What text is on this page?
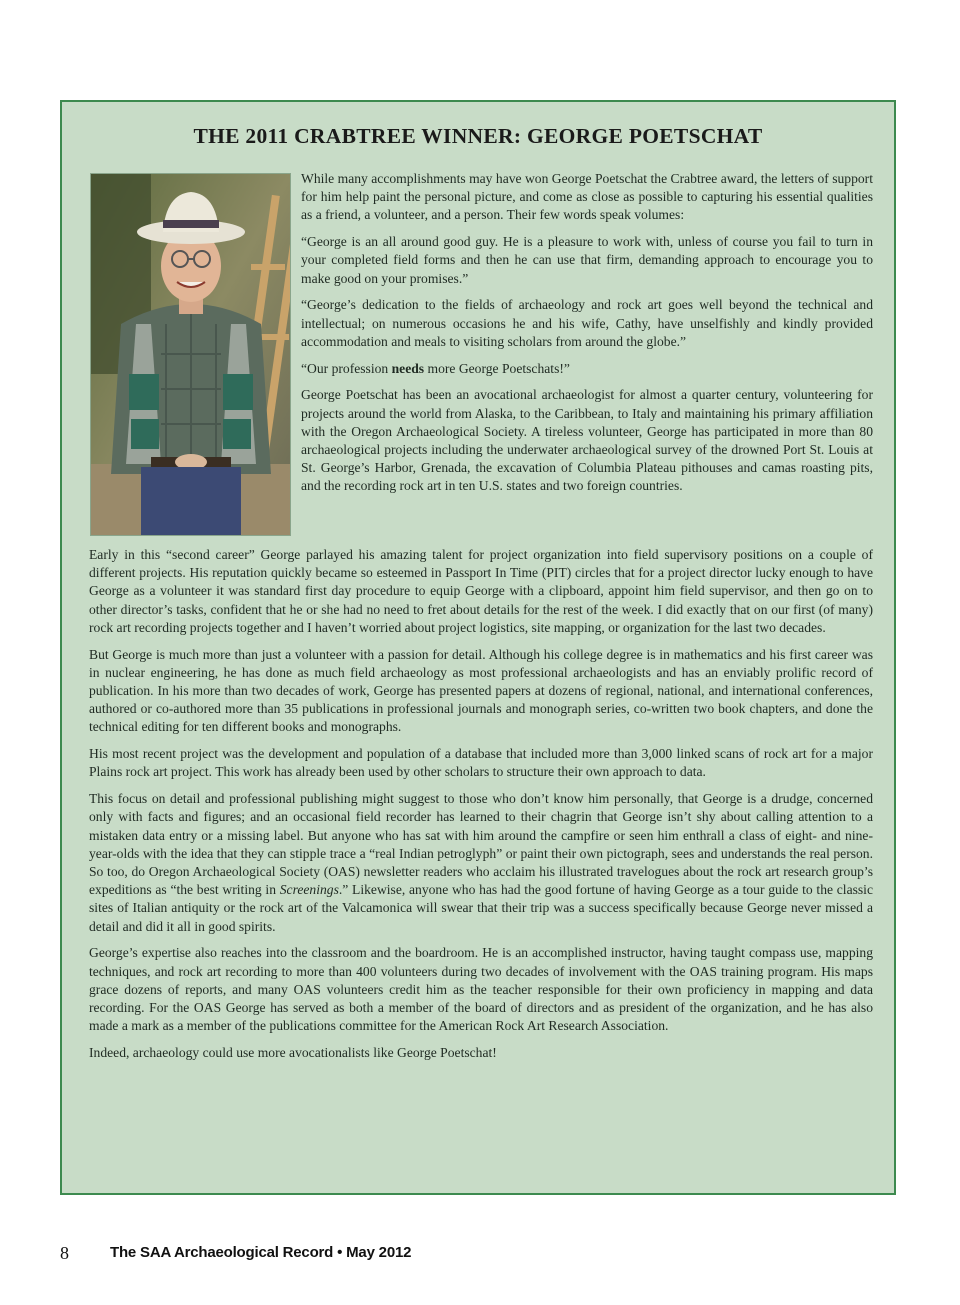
THE 2011 CRABTREE WINNER: GEORGE POETSCHAT

While many accomplishments may have won George Poetschat the Crabtree award, the letters of support for him help paint the personal picture, and come as close as possible to capturing his essential qualities as a friend, a volunteer, and a person. Their few words speak volumes:

“George is an all around good guy. He is a pleasure to work with, unless of course you fail to turn in your completed field forms and then he can use that firm, demanding approach to encourage you to make good on your promises.”

“George’s dedication to the fields of archaeology and rock art goes well beyond the technical and intellectual; on numerous occasions he and his wife, Cathy, have unselfishly and kindly provided accommodation and meals to visiting scholars from around the globe.”

“Our profession needs more George Poetschats!”

George Poetschat has been an avocational archaeologist for almost a quarter century, volunteering for projects around the world from Alaska, to the Caribbean, to Italy and maintaining his primary affiliation with the Oregon Archaeological Society. A tireless volunteer, George has participated in more than 80 archaeological projects including the underwater archaeological survey of the drowned Port St. Louis at St. George’s Harbor, Grenada, the excavation of Columbia Plateau pithouses and camas roasting pits, and the recording rock art in ten U.S. states and two foreign countries.

Early in this “second career” George parlayed his amazing talent for project organization into field supervisory positions on a couple of different projects. His reputation quickly became so esteemed in Passport In Time (PIT) circles that for a project director lucky enough to have George as a volunteer it was standard first day procedure to equip George with a clipboard, appoint him field supervisor, and then go on to other director’s tasks, confident that he or she had no need to fret about details for the rest of the week. I did exactly that on our first (of many) rock art recording projects together and I haven’t worried about project logistics, site mapping, or organization for the last two decades.

But George is much more than just a volunteer with a passion for detail. Although his college degree is in mathematics and his first career was in nuclear engineering, he has done as much field archaeology as most professional archaeologists and has an enviably prolific record of publication. In his more than two decades of work, George has presented papers at dozens of regional, national, and international conferences, authored or co-authored more than 35 publications in professional journals and monograph series, co-written two book chapters, and done the technical editing for ten different books and monographs.

His most recent project was the development and population of a database that included more than 3,000 linked scans of rock art for a major Plains rock art project. This work has already been used by other scholars to structure their own approach to data.

This focus on detail and professional publishing might suggest to those who don’t know him personally, that George is a drudge, concerned only with facts and figures; and an occasional field recorder has learned to their chagrin that George isn’t shy about calling attention to a mistaken data entry or a missing label. But anyone who has sat with him around the campfire or seen him enthrall a class of eight- and nine-year-olds with the idea that they can stipple trace a “real Indian petroglyph” or paint their own pictograph, sees and understands the real person. So too, do Oregon Archaeological Society (OAS) newsletter readers who acclaim his illustrated travelogues about the rock art research group’s expeditions as “the best writing in Screenings.” Likewise, anyone who has had the good fortune of having George as a tour guide to the classic sites of Italian antiquity or the rock art of the Valcamonica will swear that their trip was a success specifically because George never missed a detail and did it all in good spirits.

George’s expertise also reaches into the classroom and the boardroom. He is an accomplished instructor, having taught compass use, mapping techniques, and rock art recording to more than 400 volunteers during two decades of involvement with the OAS training program. His maps grace dozens of reports, and many OAS volunteers credit him as the teacher responsible for their own proficiency in mapping and data recording. For the OAS George has served as both a member of the board of directors and as president of the organization, and he has also made a mark as a member of the publications committee for the American Rock Art Research Association.

Indeed, archaeology could use more avocationalists like George Poetschat!

8	The SAA Archaeological Record • May 2012
